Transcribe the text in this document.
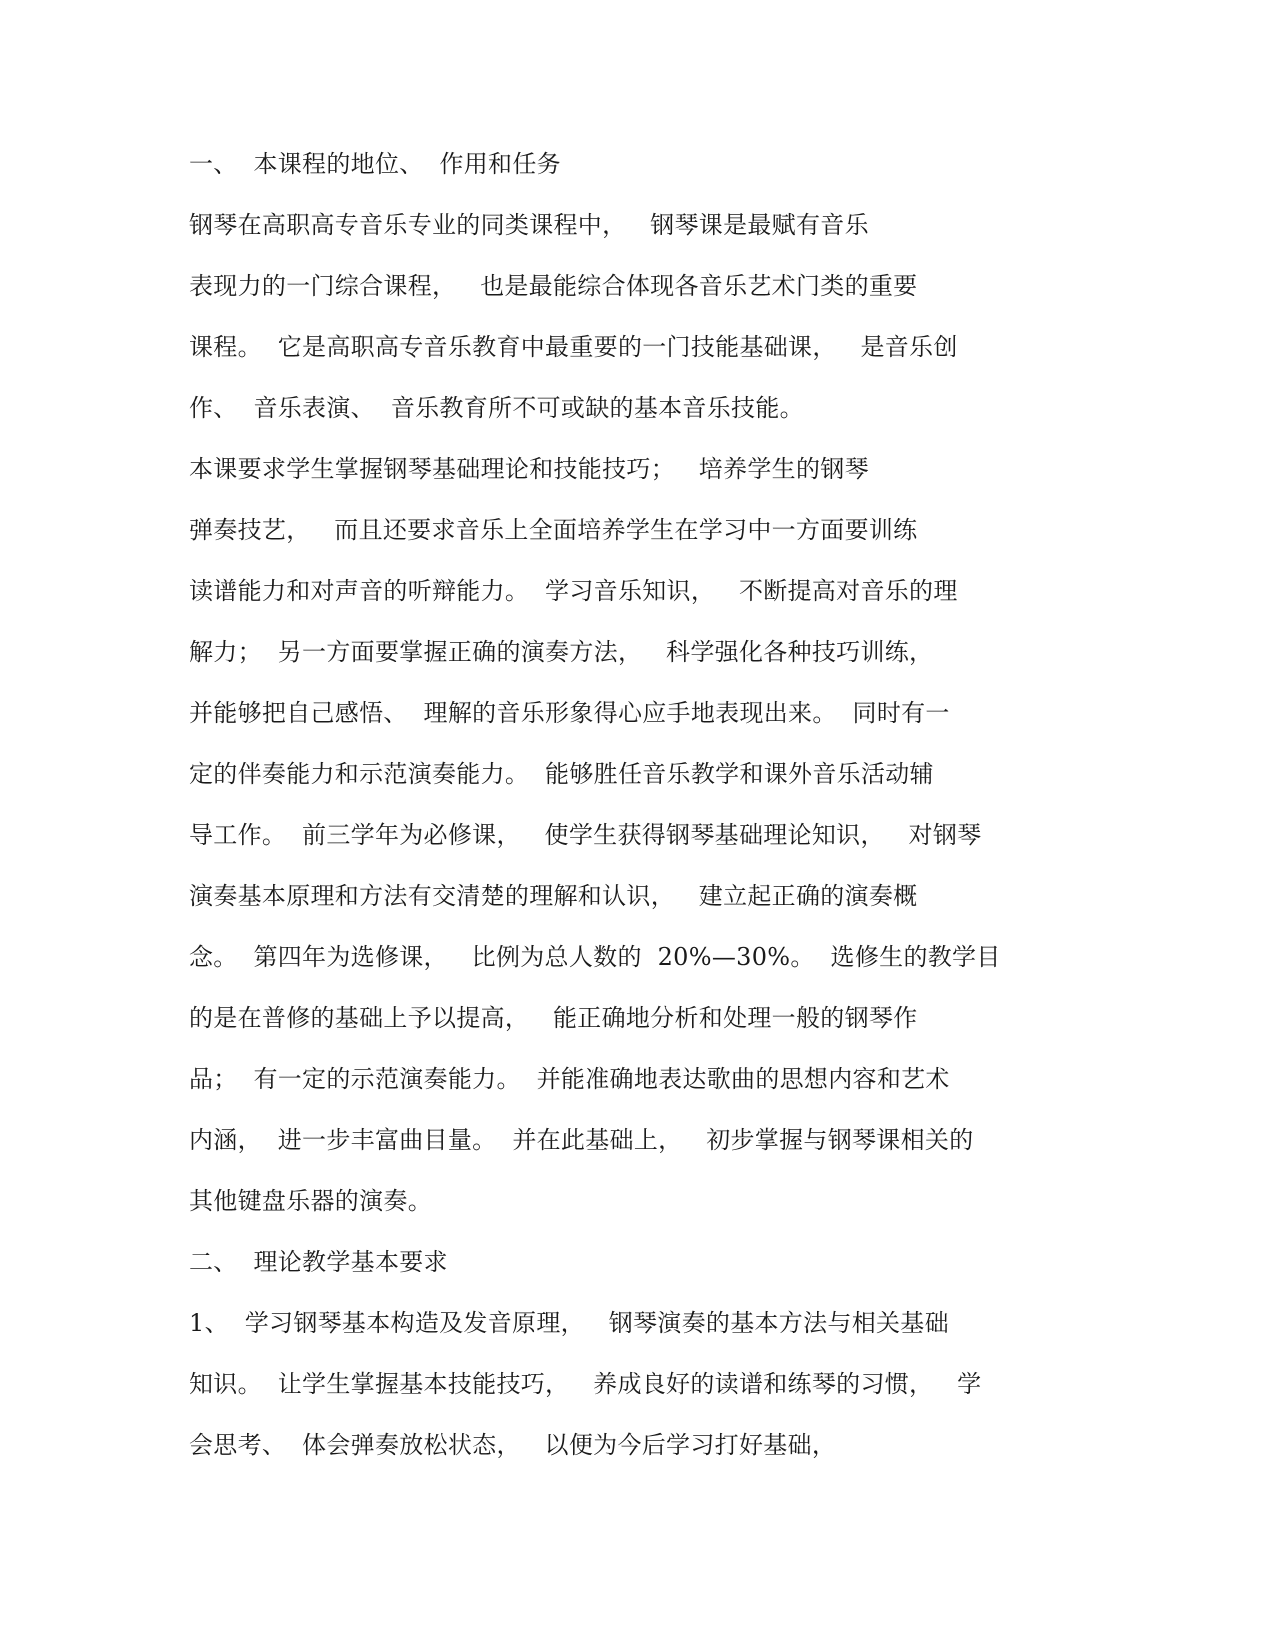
一、  本课程的地位、  作用和任务
钢琴在高职高专音乐专业的同类课程中，   钢琴课是最赋有音乐
表现力的一门综合课程，   也是最能综合体现各音乐艺术门类的重要
课程。  它是高职高专音乐教育中最重要的一门技能基础课，   是音乐创
作、  音乐表演、  音乐教育所不可或缺的基本音乐技能。
本课要求学生掌握钢琴基础理论和技能技巧；   培养学生的钢琴
弹奏技艺，   而且还要求音乐上全面培养学生在学习中一方面要训练
读谱能力和对声音的听辩能力。  学习音乐知识，   不断提高对音乐的理
解力；  另一方面要掌握正确的演奏方法，   科学强化各种技巧训练，
并能够把自己感悟、  理解的音乐形象得心应手地表现出来。  同时有一
定的伴奏能力和示范演奏能力。  能够胜任音乐教学和课外音乐活动辅
导工作。  前三学年为必修课，   使学生获得钢琴基础理论知识，   对钢琴
演奏基本原理和方法有交清楚的理解和认识，   建立起正确的演奏概
念。  第四年为选修课，   比例为总人数的  20%—30%。  选修生的教学目
的是在普修的基础上予以提高，   能正确地分析和处理一般的钢琴作
品；  有一定的示范演奏能力。  并能准确地表达歌曲的思想内容和艺术
内涵，  进一步丰富曲目量。  并在此基础上，   初步掌握与钢琴课相关的
其他键盘乐器的演奏。
二、  理论教学基本要求
1、  学习钢琴基本构造及发音原理，   钢琴演奏的基本方法与相关基础
知识。  让学生掌握基本技能技巧，   养成良好的读谱和练琴的习惯，   学
会思考、  体会弹奏放松状态，   以便为今后学习打好基础，
